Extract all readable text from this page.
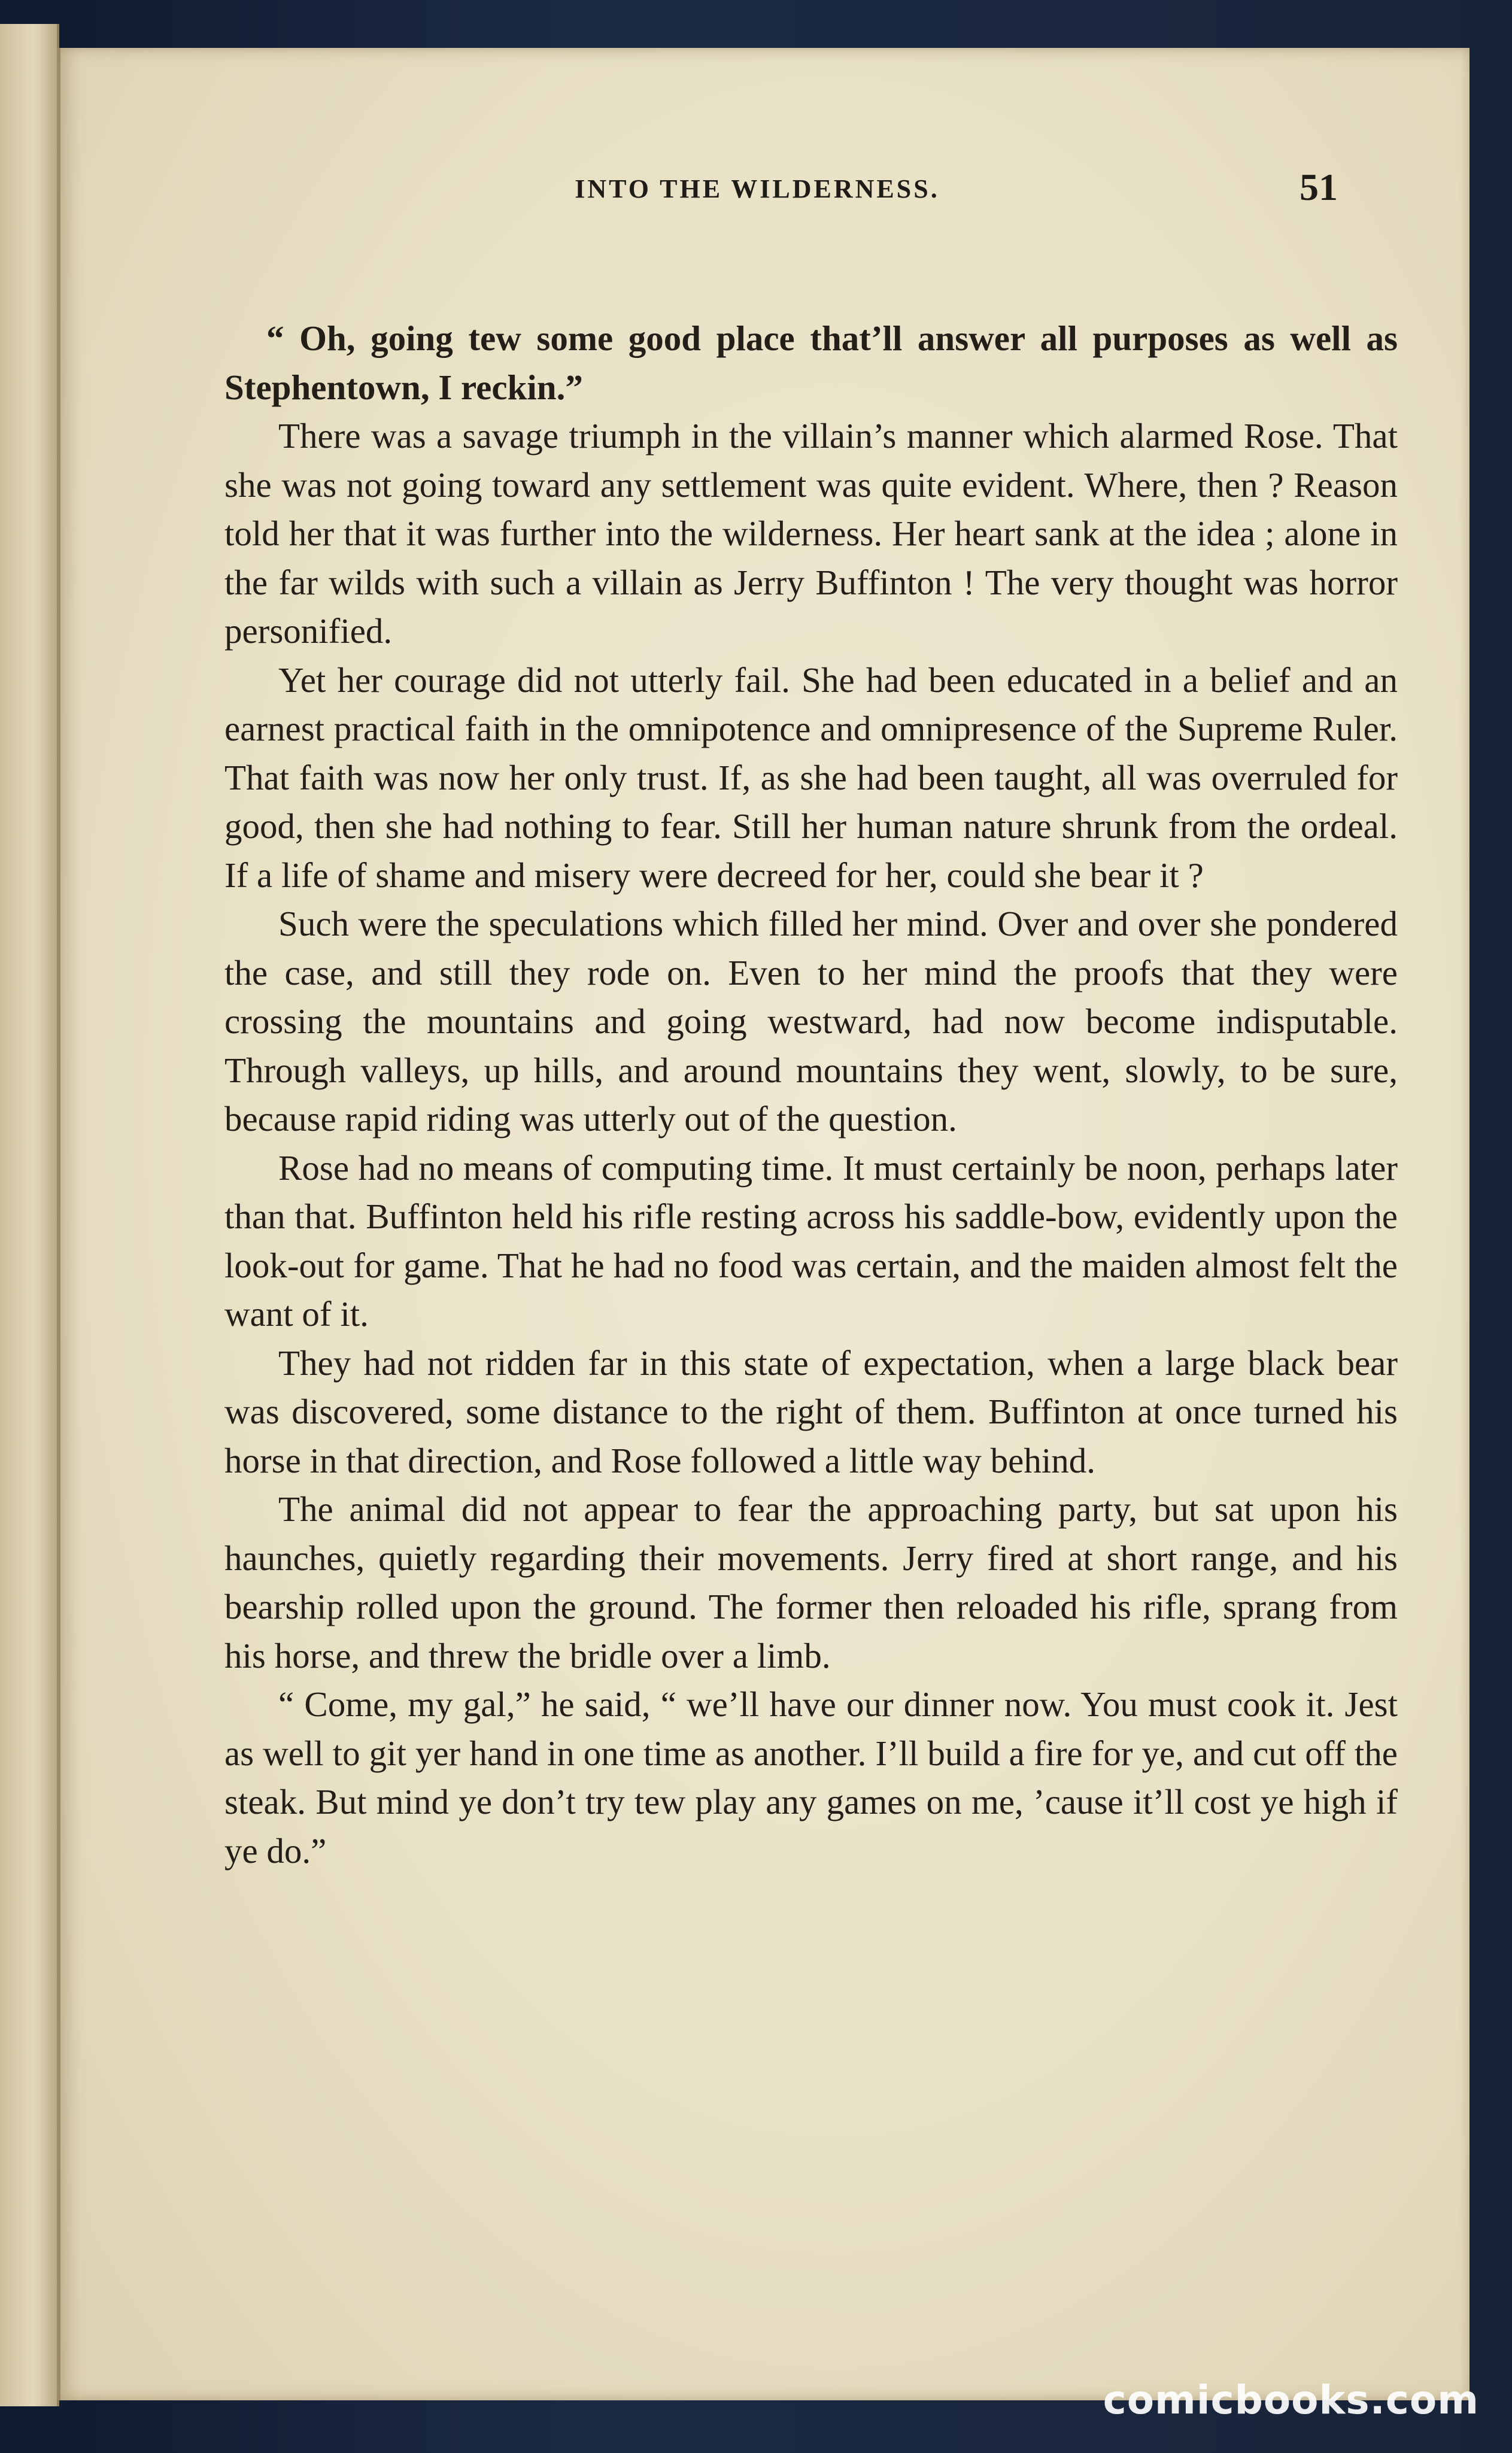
INTO THE WILDERNESS.	51

“ Oh, going tew some good place that’ll answer all purposes as well as Stephentown, I reckin.”

There was a savage triumph in the villain’s manner which alarmed Rose. That she was not going toward any settlement was quite evident. Where, then ? Reason told her that it was further into the wilderness. Her heart sank at the idea ; alone in the far wilds with such a villain as Jerry Buffinton ! The very thought was horror personified.

Yet her courage did not utterly fail. She had been educated in a belief and an earnest practical faith in the omnipotence and omnipresence of the Supreme Ruler. That faith was now her only trust. If, as she had been taught, all was overruled for good, then she had nothing to fear. Still her human nature shrunk from the ordeal. If a life of shame and misery were decreed for her, could she bear it ?

Such were the speculations which filled her mind. Over and over she pondered the case, and still they rode on. Even to her mind the proofs that they were crossing the mountains and going westward, had now become indisputable. Through valleys, up hills, and around mountains they went, slowly, to be sure, because rapid riding was utterly out of the question.

Rose had no means of computing time. It must certainly be noon, perhaps later than that. Buffinton held his rifle resting across his saddle-bow, evidently upon the look-out for game. That he had no food was certain, and the maiden almost felt the want of it.

They had not ridden far in this state of expectation, when a large black bear was discovered, some distance to the right of them. Buffinton at once turned his horse in that direction, and Rose followed a little way behind.

The animal did not appear to fear the approaching party, but sat upon his haunches, quietly regarding their movements. Jerry fired at short range, and his bearship rolled upon the ground. The former then reloaded his rifle, sprang from his horse, and threw the bridle over a limb.

“ Come, my gal,” he said, “ we’ll have our dinner now. You must cook it. Jest as well to git yer hand in one time as another. I’ll build a fire for ye, and cut off the steak. But mind ye don’t try tew play any games on me, ’cause it’ll cost ye high if ye do.”

comicbooks.com
